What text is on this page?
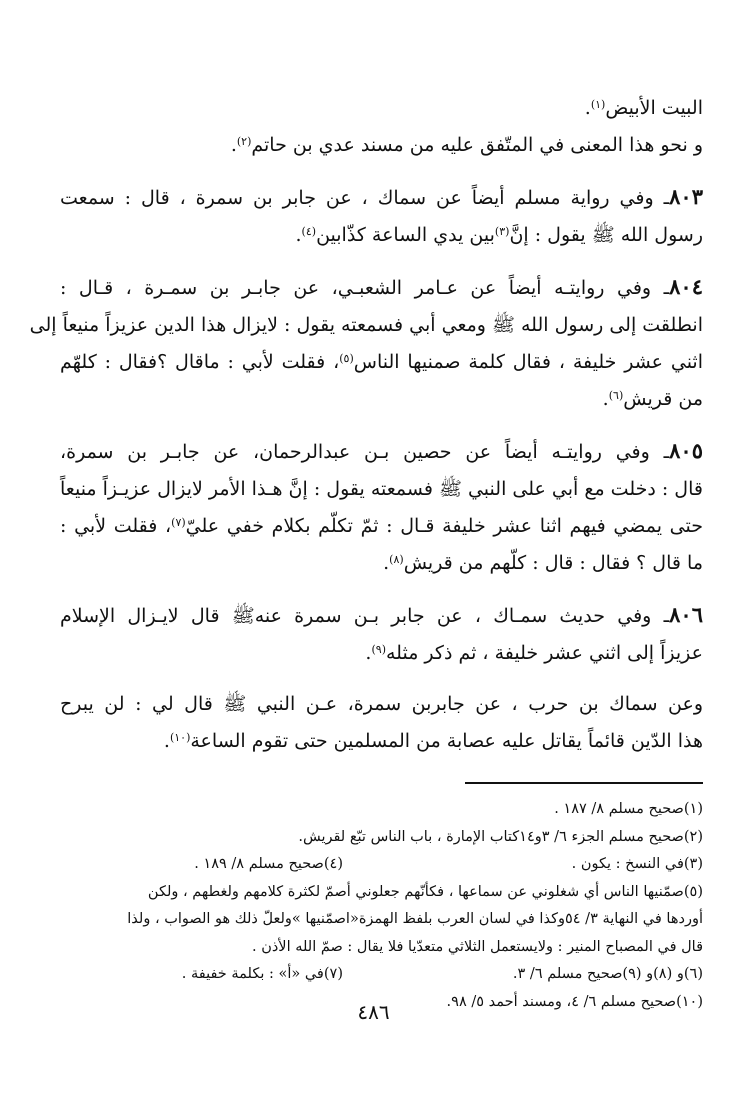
البيت الأبيض$^{(١)}$.

و نحو هذا المعنى في المتّفق عليه من مسند عدي بن حاتم$^{(٢)}$.

٨٠٣ـ وفي رواية مسلم أيضاً عن سماك ، عن جابر بن سمرة ، قال : سمعت

رسول الله ﷺ يقول : إنَّ$^{(٣)}$بين يدي الساعة كذّابين$^{(٤)}$.

٨٠٤ـ وفي روايتـه أيضاً عن عـامر الشعبـي، عن جابـر بن سمـرة ، قـال :

انطلقت إلى رسول الله ﷺ ومعي أبي فسمعته يقول : لايزال هذا الدين عزيزاً منيعاً إلى

اثني عشر خليفة ، فقال كلمة صمنيها الناس$^{(٥)}$، فقلت لأبي : ماقال ؟فقال : كلهّم

من قريش$^{(٦)}$.

٨٠٥ـ وفي روايتـه أيضاً عن حصين بـن عبدالرحمان، عن جابـر بن سمرة،

قال : دخلت مع أبي على النبي ﷺ فسمعته يقول : إنَّ هـذا الأمر لايزال عزيـزاً منيعاً

حتى يمضي فيهم اثنا عشر خليفة قـال : ثمّ تكلّم بكلام خفي عليّ$^{(٧)}$، فقلت لأبي :

ما قال ؟ فقال : قال : كلّهم من قريش$^{(٨)}$.

٨٠٦ـ وفي حديث سمـاك ، عن جابر بـن سمرة عنهﷺ قال لايـزال الإسلام

عزيزاً إلى اثني عشر خليفة ، ثم ذكر مثله$^{(٩)}$.

وعن سماك بن حرب ، عن جابربن سمرة، عـن النبي ﷺ قال لي : لن يبرح

هذا الدّين قائماً يقاتل عليه عصابة من المسلمين حتى تقوم الساعة$^{(١٠)}$.

(١)صحيح مسلم ٨/ ١٨٧ .

(٢)صحيح مسلم الجزء ٦/ ٣و١٤كتاب الإمارة ، باب الناس تبّع لقريش.

(٣)في النسخ : يكون .
(٤)صحيح مسلم ٨/ ١٨٩ .

(٥)صمّنيها الناس أي شغلوني عن سماعها ، فكأنّهم جعلوني أصمّ لكثرة كلامهم ولغطهم ، ولكن

أوردها في النهاية ٣/ ٥٤وكذا في لسان العرب بلفظ الهمزة«اصمّنيها »ولعلّ ذلك هو الصواب ، ولذا

قال في المصباح المنير : ولايستعمل الثلاثي متعدّيا فلا يقال : صمّ الله الأذن .

(٦)و (٨)و (٩)صحيح مسلم ٦/ ٣.
(٧)في «أ» : بكلمة خفيفة .

(١٠)صحيح مسلم ٦/ ٤، ومسند أحمد ٥/ ٩٨.

٤٨٦
